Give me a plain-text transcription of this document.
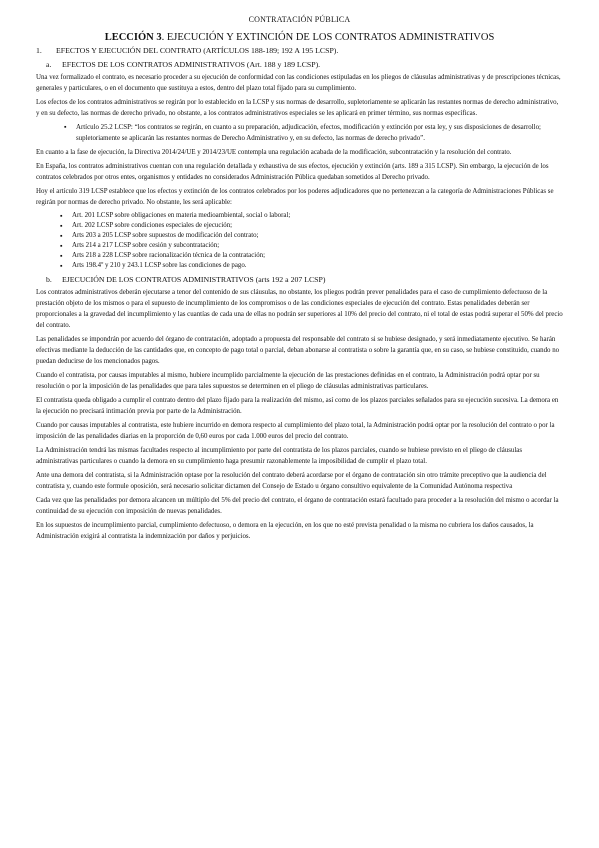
CONTRATACIÓN PÚBLICA
LECCIÓN 3. EJECUCIÓN Y EXTINCIÓN DE LOS CONTRATOS ADMINISTRATIVOS
1.	EFECTOS Y EJECUCIÓN DEL CONTRATO (ARTÍCULOS 188-189; 192 A 195 LCSP).
a.	EFECTOS DE LOS CONTRATOS ADMINISTRATIVOS (Art. 188 y 189 LCSP).

Una vez formalizado el contrato, es necesario proceder a su ejecución de conformidad con las condiciones estipuladas en los pliegos de cláusulas administrativas y de prescripciones técnicas, generales y particulares, o en el documento que sustituya a estos, dentro del plazo total fijado para su cumplimiento.

Los efectos de los contratos administrativos se regirán por lo establecido en la LCSP y sus normas de desarrollo, supletoriamente se aplicarán las restantes normas de derecho administrativo, y en su defecto, las normas de derecho privado, no obstante, a los contratos administrativos especiales se les aplicará en primer término, sus normas específicas.

▪ Artículo 25.2 LCSP: “los contratos se regirán, en cuanto a su preparación, adjudicación, efectos, modificación y extinción por esta ley, y sus disposiciones de desarrollo; supletoriamente se aplicarán las restantes normas de Derecho Administrativo y, en su defecto, las normas de derecho privado”.

En cuanto a la fase de ejecución, la Directiva 2014/24/UE y 2014/23/UE contempla una regulación acabada de la modificación, subcontratación y la resolución del contrato.

En España, los contratos administrativos cuentan con una regulación detallada y exhaustiva de sus efectos, ejecución y extinción (arts. 189 a 315 LCSP). Sin embargo, la ejecución de los contratos celebrados por otros entes, organismos y entidades no considerados Administración Pública quedaban sometidos al Derecho privado.

Hoy el artículo 319 LCSP establece que los efectos y extinción de los contratos celebrados por los poderes adjudicadores que no pertenezcan a la categoría de Administraciones Públicas se regirán por normas de derecho privado. No obstante, les será aplicable:

▪ Art. 201 LCSP sobre obligaciones en materia medioambiental, social o laboral;
▪ Art. 202 LCSP sobre condiciones especiales de ejecución;
▪ Arts 203 a 205 LCSP sobre supuestos de modificación del contrato;
▪ Arts 214 a 217 LCSP sobre cesión y subcontratación;
▪ Arts 218 a 228 LCSP sobre racionalización técnica de la contratación;
▪ Arts 198.4º y 210 y 243.1 LCSP sobre las condiciones de pago.
b.	EJECUCIÓN DE LOS CONTRATOS ADMINISTRATIVOS (arts 192 a 207 LCSP)

Los contratos administrativos deberán ejecutarse a tenor del contenido de sus cláusulas, no obstante, los pliegos podrán prever penalidades para el caso de cumplimiento defectuoso de la prestación objeto de los mismos o para el supuesto de incumplimiento de los compromisos o de las condiciones especiales de ejecución del contrato. Estas penalidades deberán ser proporcionales a la gravedad del incumplimiento y las cuantías de cada una de ellas no podrán ser superiores al 10% del precio del contrato, ni el total de estas podrá superar el 50% del precio del contrato.

Las penalidades se impondrán por acuerdo del órgano de contratación, adoptado a propuesta del responsable del contrato si se hubiese designado, y será inmediatamente ejecutivo. Se harán efectivas mediante la deducción de las cantidades que, en concepto de pago total o parcial, deban abonarse al contratista o sobre la garantía que, en su caso, se hubiese constituido, cuando no puedan deducirse de los mencionados pagos.

Cuando el contratista, por causas imputables al mismo, hubiere incumplido parcialmente la ejecución de las prestaciones definidas en el contrato, la Administración podrá optar por su resolución o por la imposición de las penalidades que para tales supuestos se determinen en el pliego de cláusulas administrativas particulares.

El contratista queda obligado a cumplir el contrato dentro del plazo fijado para la realización del mismo, así como de los plazos parciales señalados para su ejecución sucesiva. La demora en la ejecución no precisará intimación previa por parte de la Administración.

Cuando por causas imputables al contratista, este hubiere incurrido en demora respecto al cumplimiento del plazo total, la Administración podrá optar por la resolución del contrato o por la imposición de las penalidades diarias en la proporción de 0,60 euros por cada 1.000 euros del precio del contrato.

La Administración tendrá las mismas facultades respecto al incumplimiento por parte del contratista de los plazos parciales, cuando se hubiese previsto en el pliego de cláusulas administrativas particulares o cuando la demora en su cumplimiento haga presumir razonablemente la imposibilidad de cumplir el plazo total.

Ante una demora del contratista, si la Administración optase por la resolución del contrato deberá acordarse por el órgano de contratación sin otro trámite preceptivo que la audiencia del contratista y, cuando este formule oposición, será necesario solicitar dictamen del Consejo de Estado u órgano consultivo equivalente de la Comunidad Autónoma respectiva

Cada vez que las penalidades por demora alcancen un múltiplo del 5% del precio del contrato, el órgano de contratación estará facultado para proceder a la resolución del mismo o acordar la continuidad de su ejecución con imposición de nuevas penalidades.

En los supuestos de incumplimiento parcial, cumplimiento defectuoso, o demora en la ejecución, en los que no esté prevista penalidad o la misma no cubriera los daños causados, la Administración exigirá al contratista la indemnización por daños y perjuicios.
